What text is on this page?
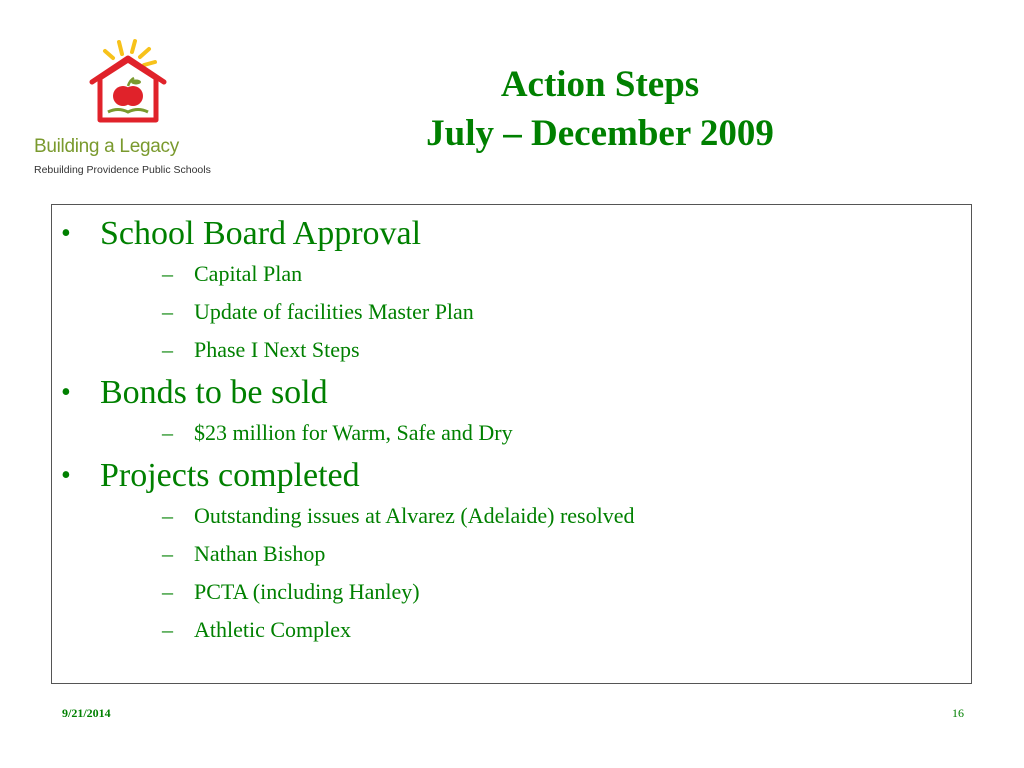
Building a Legacy
Rebuilding Providence Public Schools
Action Steps
July – December 2009
• School Board Approval
– Capital Plan
– Update of facilities Master Plan
– Phase I Next Steps
• Bonds to be sold
– $23 million for Warm, Safe and Dry
• Projects completed
– Outstanding issues at Alvarez (Adelaide) resolved
– Nathan Bishop
– PCTA (including Hanley)
– Athletic Complex
9/21/2014	16
